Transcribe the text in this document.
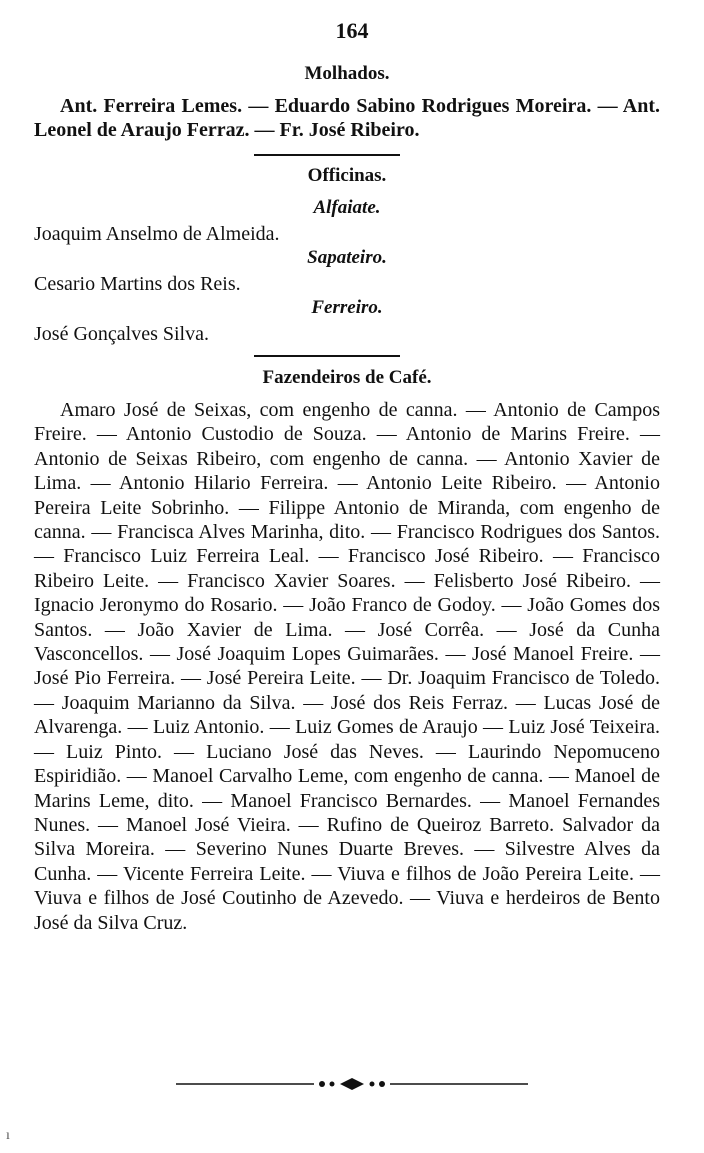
164
Molhados.
Ant. Ferreira Lemes. — Eduardo Sabino Rodrigues Moreira. — Ant. Leonel de Araujo Ferraz. — Fr. José Ribeiro.
Officinas.
Alfaiate.
Joaquim Anselmo de Almeida.
Sapateiro.
Cesario Martins dos Reis.
Ferreiro.
José Gonçalves Silva.
Fazendeiros de Café.
Amaro José de Seixas, com engenho de canna. — Antonio de Campos Freire. — Antonio Custodio de Souza. — Antonio de Marins Freire. — Antonio de Seixas Ribeiro, com engenho de canna. — Antonio Xavier de Lima. — Antonio Hilario Ferreira. — Antonio Leite Ribeiro. — Antonio Pereira Leite Sobrinho. — Filippe Antonio de Miranda, com engenho de canna. — Francisca Alves Marinha, dito. — Francisco Rodrigues dos Santos. — Francisco Luiz Ferreira Leal. — Francisco José Ribeiro. — Francisco Ribeiro Leite. — Francisco Xavier Soares. — Felisberto José Ribeiro. — Ignacio Jeronymo do Rosario. — João Franco de Godoy. — João Gomes dos Santos. — João Xavier de Lima. — José Corrêa. — José da Cunha Vasconcellos. — José Joaquim Lopes Guimarães. — José Manoel Freire. — José Pio Ferreira. — José Pereira Leite. — Dr. Joaquim Francisco de Toledo. — Joaquim Marianno da Silva. — José dos Reis Ferraz. — Lucas José de Alvarenga. — Luiz Antonio. — Luiz Gomes de Araujo — Luiz José Teixeira. — Luiz Pinto. — Luciano José das Neves. — Laurindo Nepomuceno Espiridião. — Manoel Carvalho Leme, com engenho de canna. — Manoel de Marins Leme, dito. — Manoel Francisco Bernardes. — Manoel Fernandes Nunes. — Manoel José Vieira. — Rufino de Queiroz Barreto. Salvador da Silva Moreira. — Severino Nunes Duarte Breves. — Silvestre Alves da Cunha. — Vicente Ferreira Leite. — Viuva e filhos de João Pereira Leite. — Viuva e filhos de José Coutinho de Azevedo. — Viuva e herdeiros de Bento José da Silva Cruz.
ı
